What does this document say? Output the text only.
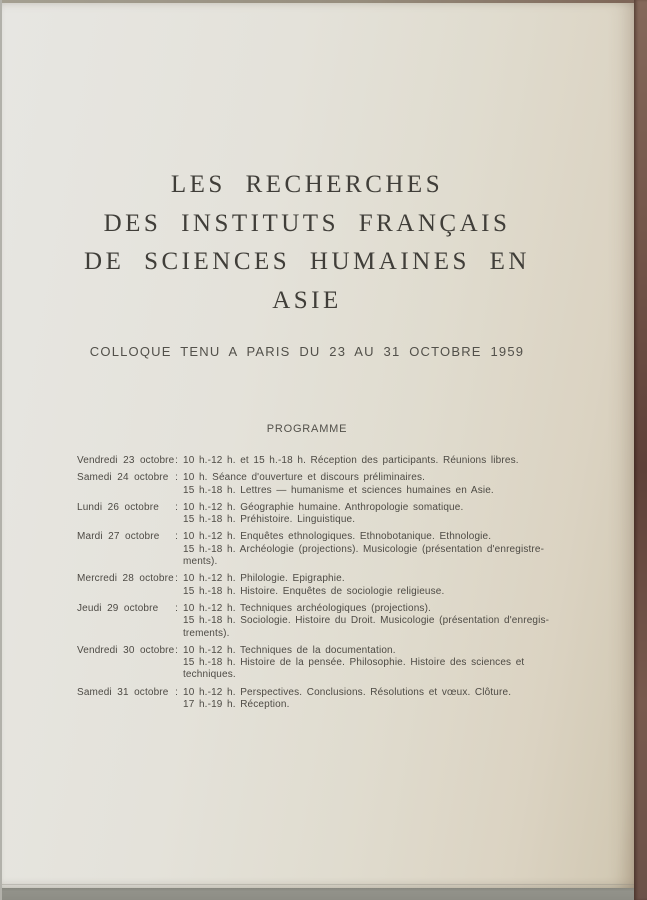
LES RECHERCHES
DES INSTITUTS FRANÇAIS
DE SCIENCES HUMAINES EN ASIE
COLLOQUE TENU A PARIS DU 23 AU 31 OCTOBRE 1959
PROGRAMME
Vendredi 23 octobre : 10 h.-12 h. et 15 h.-18 h. Réception des participants. Réunions libres.
Samedi 24 octobre : 10 h. Séance d'ouverture et discours préliminaires.
15 h.-18 h. Lettres — humanisme et sciences humaines en Asie.
Lundi 26 octobre	: 10 h.-12 h. Géographie humaine. Anthropologie somatique.
15 h.-18 h. Préhistoire. Linguistique.
Mardi 27 octobre	: 10 h.-12 h. Enquêtes ethnologiques. Ethnobotanique. Ethnologie.
15 h.-18 h. Archéologie (projections). Musicologie (présentation d'enregistre-
ments).
Mercredi 28 octobre : 10 h.-12 h. Philologie. Epigraphie.
15 h.-18 h. Histoire. Enquêtes de sociologie religieuse.
Jeudi 29 octobre	: 10 h.-12 h. Techniques archéologiques (projections).
15 h.-18 h. Sociologie. Histoire du Droit. Musicologie (présentation d'enregis-
trements).
Vendredi 30 octobre : 10 h.-12 h. Techniques de la documentation.
15 h.-18 h. Histoire de la pensée. Philosophie. Histoire des sciences et
techniques.
Samedi 31 octobre : 10 h.-12 h. Perspectives. Conclusions. Résolutions et vœux. Clôture.
17 h.-19 h. Réception.
